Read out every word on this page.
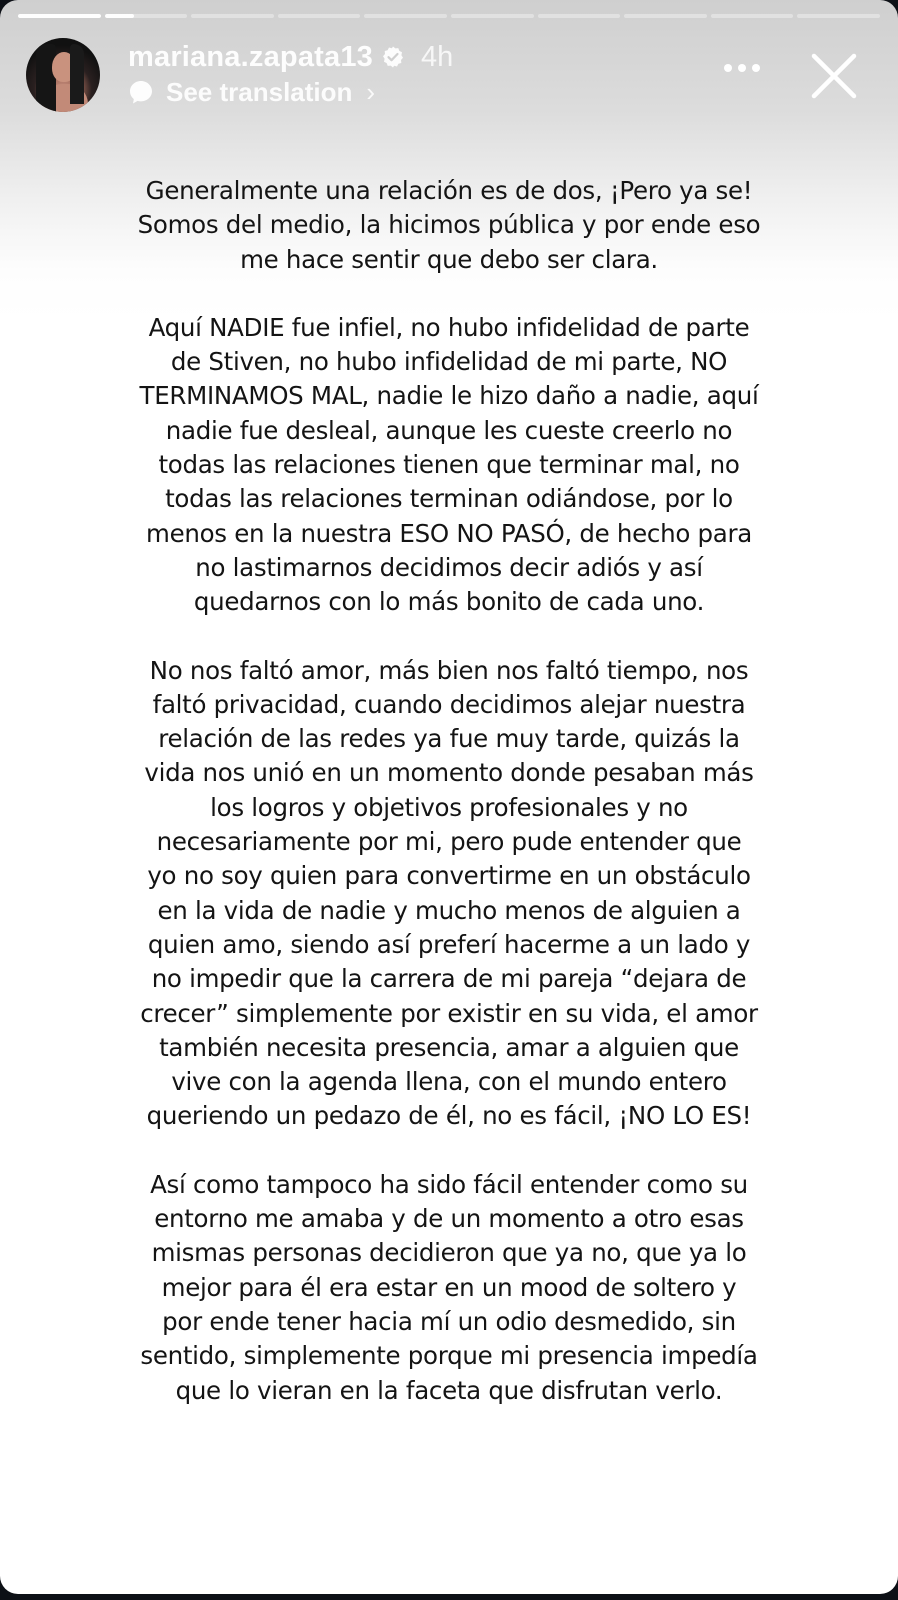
mariana.zapata13 4h
See translation ›

Generalmente una relación es de dos, ¡Pero ya se!
Somos del medio, la hicimos pública y por ende eso
me hace sentir que debo ser clara.

Aquí NADIE fue infiel, no hubo infidelidad de parte
de Stiven, no hubo infidelidad de mi parte, NO
TERMINAMOS MAL, nadie le hizo daño a nadie, aquí
nadie fue desleal, aunque les cueste creerlo no
todas las relaciones tienen que terminar mal, no
todas las relaciones terminan odiándose, por lo
menos en la nuestra ESO NO PASÓ, de hecho para
no lastimarnos decidimos decir adiós y así
quedarnos con lo más bonito de cada uno.

No nos faltó amor, más bien nos faltó tiempo, nos
faltó privacidad, cuando decidimos alejar nuestra
relación de las redes ya fue muy tarde, quizás la
vida nos unió en un momento donde pesaban más
los logros y objetivos profesionales y no
necesariamente por mi, pero pude entender que
yo no soy quien para convertirme en un obstáculo
en la vida de nadie y mucho menos de alguien a
quien amo, siendo así preferí hacerme a un lado y
no impedir que la carrera de mi pareja “dejara de
crecer” simplemente por existir en su vida, el amor
también necesita presencia, amar a alguien que
vive con la agenda llena, con el mundo entero
queriendo un pedazo de él, no es fácil, ¡NO LO ES!

Así como tampoco ha sido fácil entender como su
entorno me amaba y de un momento a otro esas
mismas personas decidieron que ya no, que ya lo
mejor para él era estar en un mood de soltero y
por ende tener hacia mí un odio desmedido, sin
sentido, simplemente porque mi presencia impedía
que lo vieran en la faceta que disfrutan verlo.
